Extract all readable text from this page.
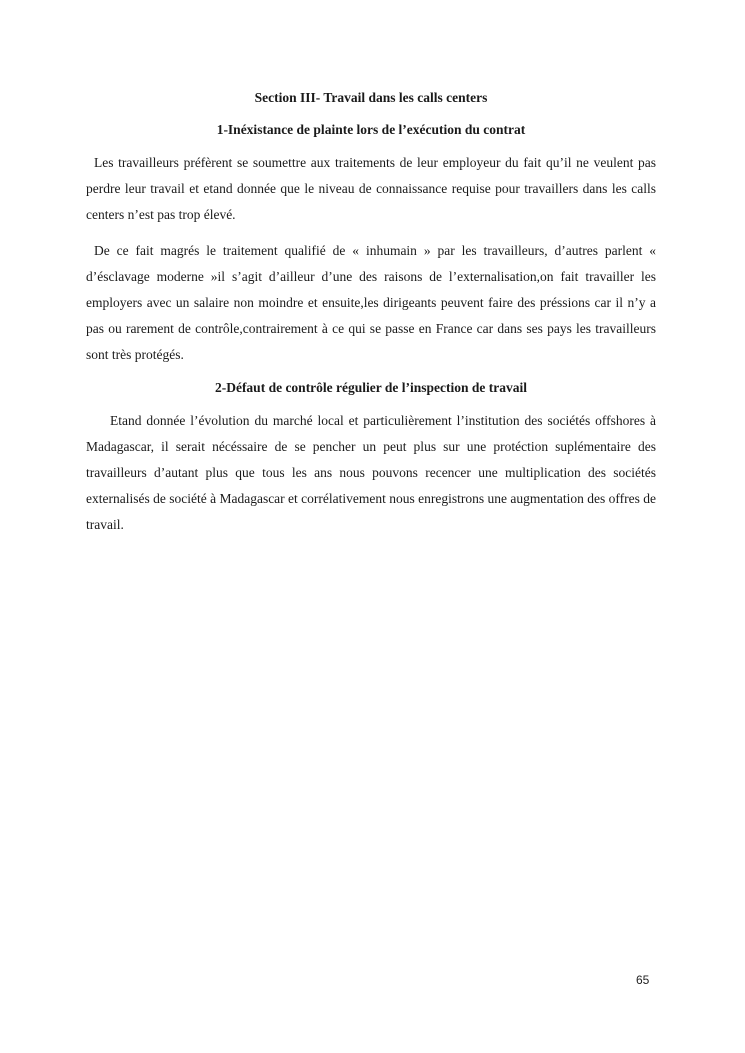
Section III- Travail dans les calls centers

1-Inéxistance de plainte lors de l’exécution du contrat

Les travailleurs préfèrent se soumettre aux traitements de leur employeur du fait qu’il ne veulent pas perdre leur travail et etand donnée que le niveau de connaissance requise pour travaillers dans les calls centers n’est pas trop élevé.

De ce fait magrés le traitement qualifié de « inhumain » par les travailleurs, d’autres parlent « d’ésclavage moderne »il s’agit d’ailleur d’une des raisons de l’externalisation,on fait travailler les employers avec un salaire non moindre et ensuite,les dirigeants peuvent faire des préssions car il n’y a pas ou rarement de contrôle,contrairement à ce qui se passe en France car dans ses pays les travailleurs sont très protégés.

2-Défaut de contrôle régulier de l’inspection de travail

Etand donnée l’évolution du marché local et particulièrement l’institution des sociétés offshores à Madagascar, il serait nécéssaire de se pencher un peut plus sur une protéction suplémentaire des travailleurs d’autant plus que tous les ans nous pouvons recencer une multiplication des sociétés externalisés de société à Madagascar et corrélativement nous enregistrons une augmentation des offres de travail.

65
